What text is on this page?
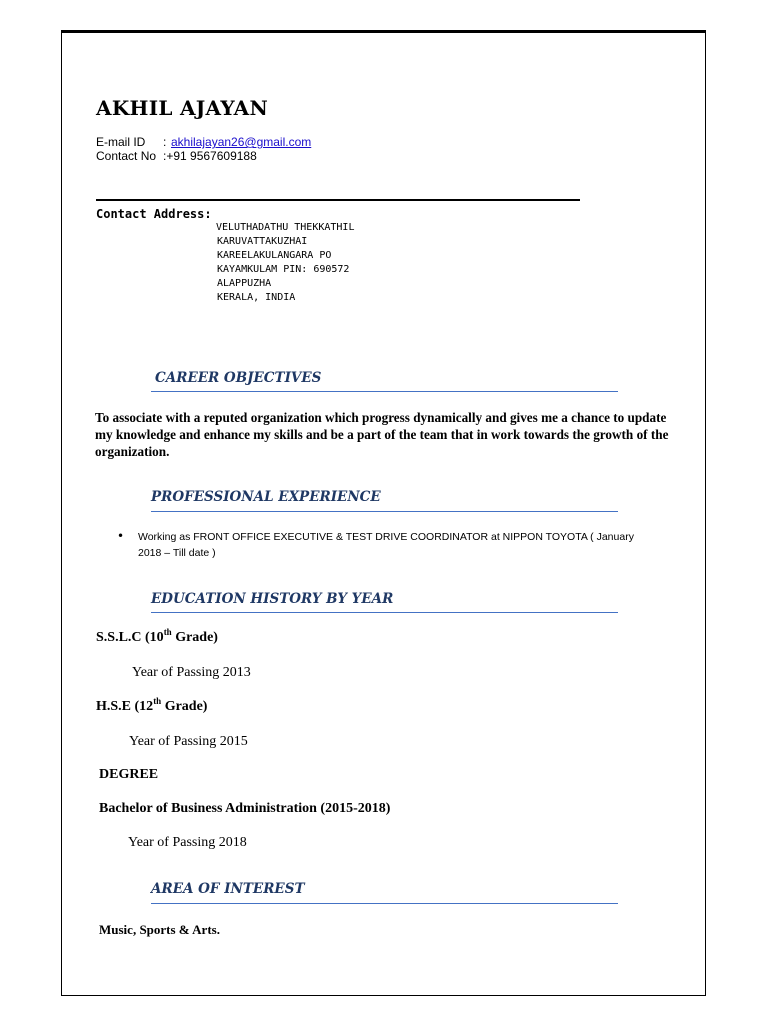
AKHIL AJAYAN
E-mail ID : akhilajayan26@gmail.com
Contact No :+91 9567609188
Contact Address:
VELUTHADATHU THEKKATHIL
KARUVATTAKUZHAI
KAREELAKULANGARA PO
KAYAMKULAM PIN: 690572
ALAPPUZHA
KERALA, INDIA
CAREER OBJECTIVES
To associate with a reputed organization which progress dynamically and gives me a chance to update my knowledge and enhance my skills and be a part of the team that in work towards the growth of the organization.
PROFESSIONAL EXPERIENCE
• Working as FRONT OFFICE EXECUTIVE & TEST DRIVE COORDINATOR at NIPPON TOYOTA ( January 2018 – Till date )
EDUCATION HISTORY BY YEAR
S.S.L.C (10th Grade)
Year of Passing 2013
H.S.E (12th Grade)
Year of Passing 2015
DEGREE
Bachelor of Business Administration (2015-2018)
Year of Passing 2018
AREA OF INTEREST
Music, Sports & Arts.
